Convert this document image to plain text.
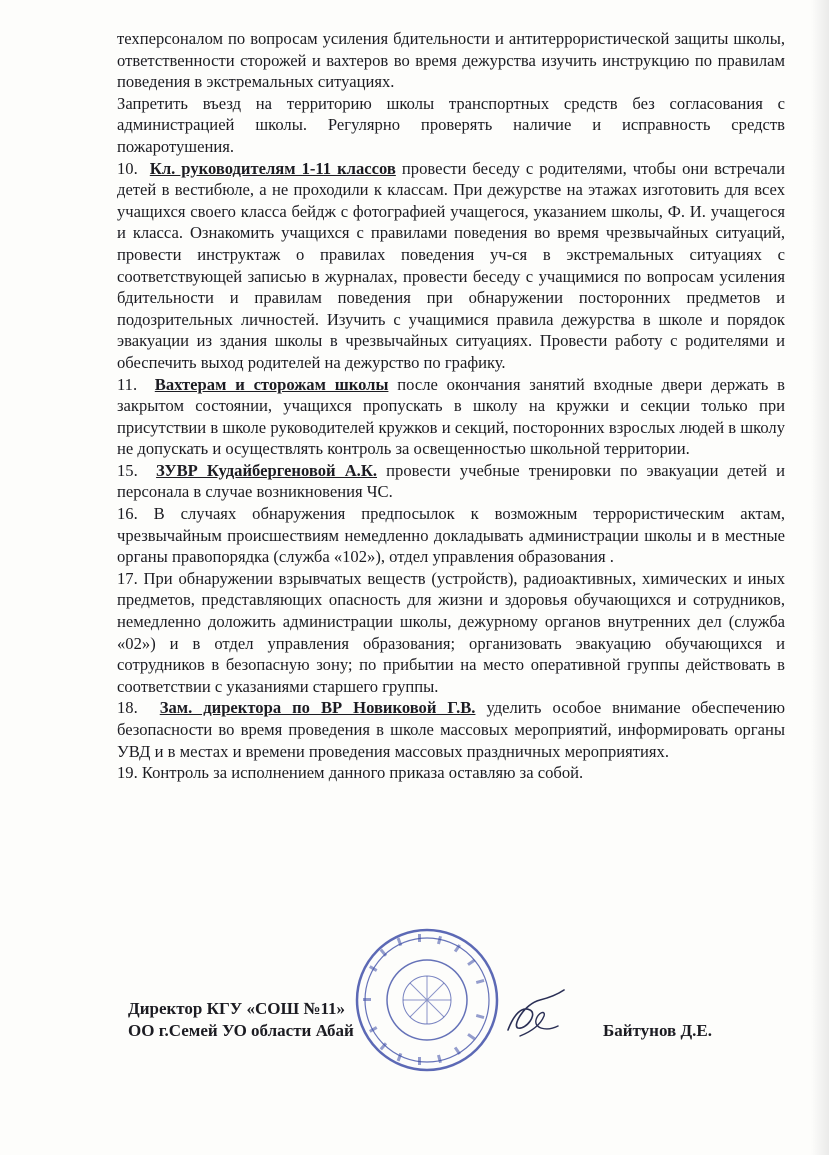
техперсоналом по вопросам усиления бдительности и антитеррористической защиты школы, ответственности сторожей и вахтеров во время дежурства изучить инструкцию по правилам поведения в экстремальных ситуациях.

Запретить въезд на территорию школы транспортных средств без согласования с администрацией школы. Регулярно проверять наличие и исправность средств пожаротушения.

10. Кл. руководителям 1-11 классов провести беседу с родителями, чтобы они встречали детей в вестибюле, а не проходили к классам. При дежурстве на этажах изготовить для всех учащихся своего класса бейдж с фотографией учащегося, указанием школы, Ф. И. учащегося и класса. Ознакомить учащихся с правилами поведения во время чрезвычайных ситуаций, провести инструктаж о правилах поведения уч-ся в экстремальных ситуациях с соответствующей записью в журналах, провести беседу с учащимися по вопросам усиления бдительности и правилам поведения при обнаружении посторонних предметов и подозрительных личностей. Изучить с учащимися правила дежурства в школе и порядок эвакуации из здания школы в чрезвычайных ситуациях. Провести работу с родителями и обеспечить выход родителей на дежурство по графику.

11. Вахтерам и сторожам школы после окончания занятий входные двери держать в закрытом состоянии, учащихся пропускать в школу на кружки и секции только при присутствии в школе руководителей кружков и секций, посторонних взрослых людей в школу не допускать и осуществлять контроль за освещенностью школьной территории.

15. ЗУВР Кудайбергеновой А.К. провести учебные тренировки по эвакуации детей и персонала в случае возникновения ЧС.

16. В случаях обнаружения предпосылок к возможным террористическим актам, чрезвычайным происшествиям немедленно докладывать администрации школы и в местные органы правопорядка (служба «102»), отдел управления образования .

17. При обнаружении взрывчатых веществ (устройств), радиоактивных, химических и иных предметов, представляющих опасность для жизни и здоровья обучающихся и сотрудников, немедленно доложить администрации школы, дежурному органов внутренних дел (служба «02») и в отдел управления образования; организовать эвакуацию обучающихся и сотрудников в безопасную зону; по прибытии на место оперативной группы действовать в соответствии с указаниями старшего группы.

18. Зам. директора по ВР Новиковой Г.В. уделить особое внимание обеспечению безопасности во время проведения в школе массовых мероприятий, информировать органы УВД и в местах и времени проведения массовых праздничных мероприятиях.

19. Контроль за исполнением данного приказа оставляю за собой.

Директор КГУ «СОШ №11»
ОО г.Семей УО области Абай	Байтунов Д.Е.
